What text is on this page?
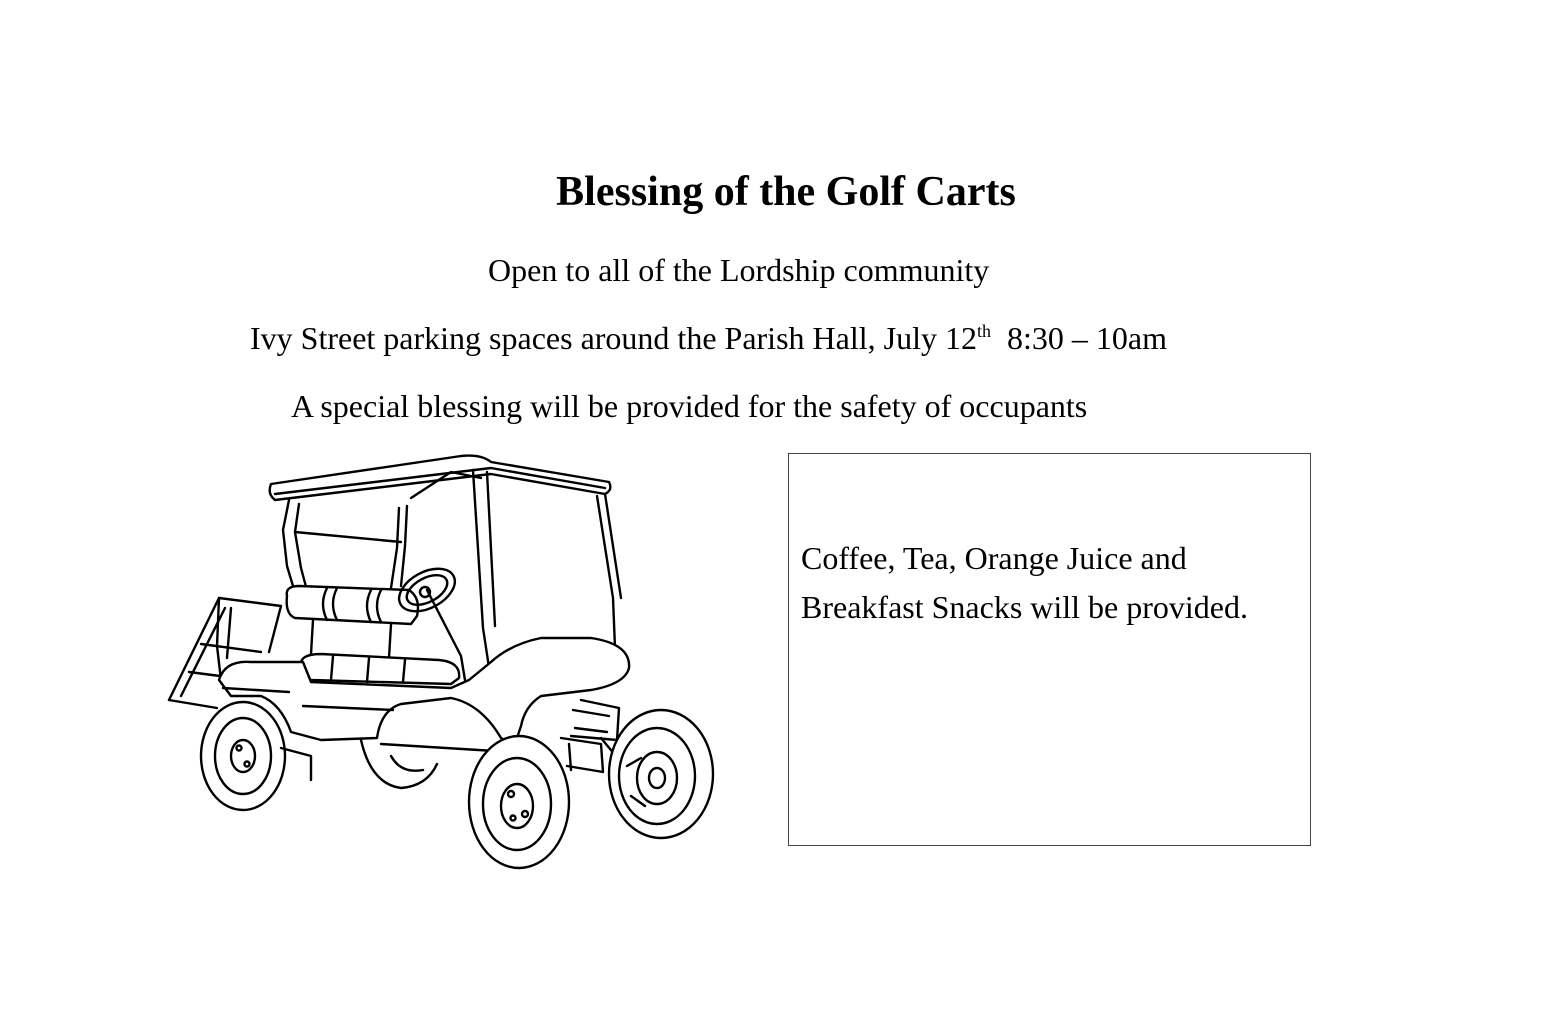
Blessing of the Golf Carts
Open to all of the Lordship community
Ivy Street parking spaces around the Parish Hall, July 12th 8:30 – 10am
A special blessing will be provided for the safety of occupants

Coffee, Tea, Orange Juice and Breakfast Snacks will be provided.
